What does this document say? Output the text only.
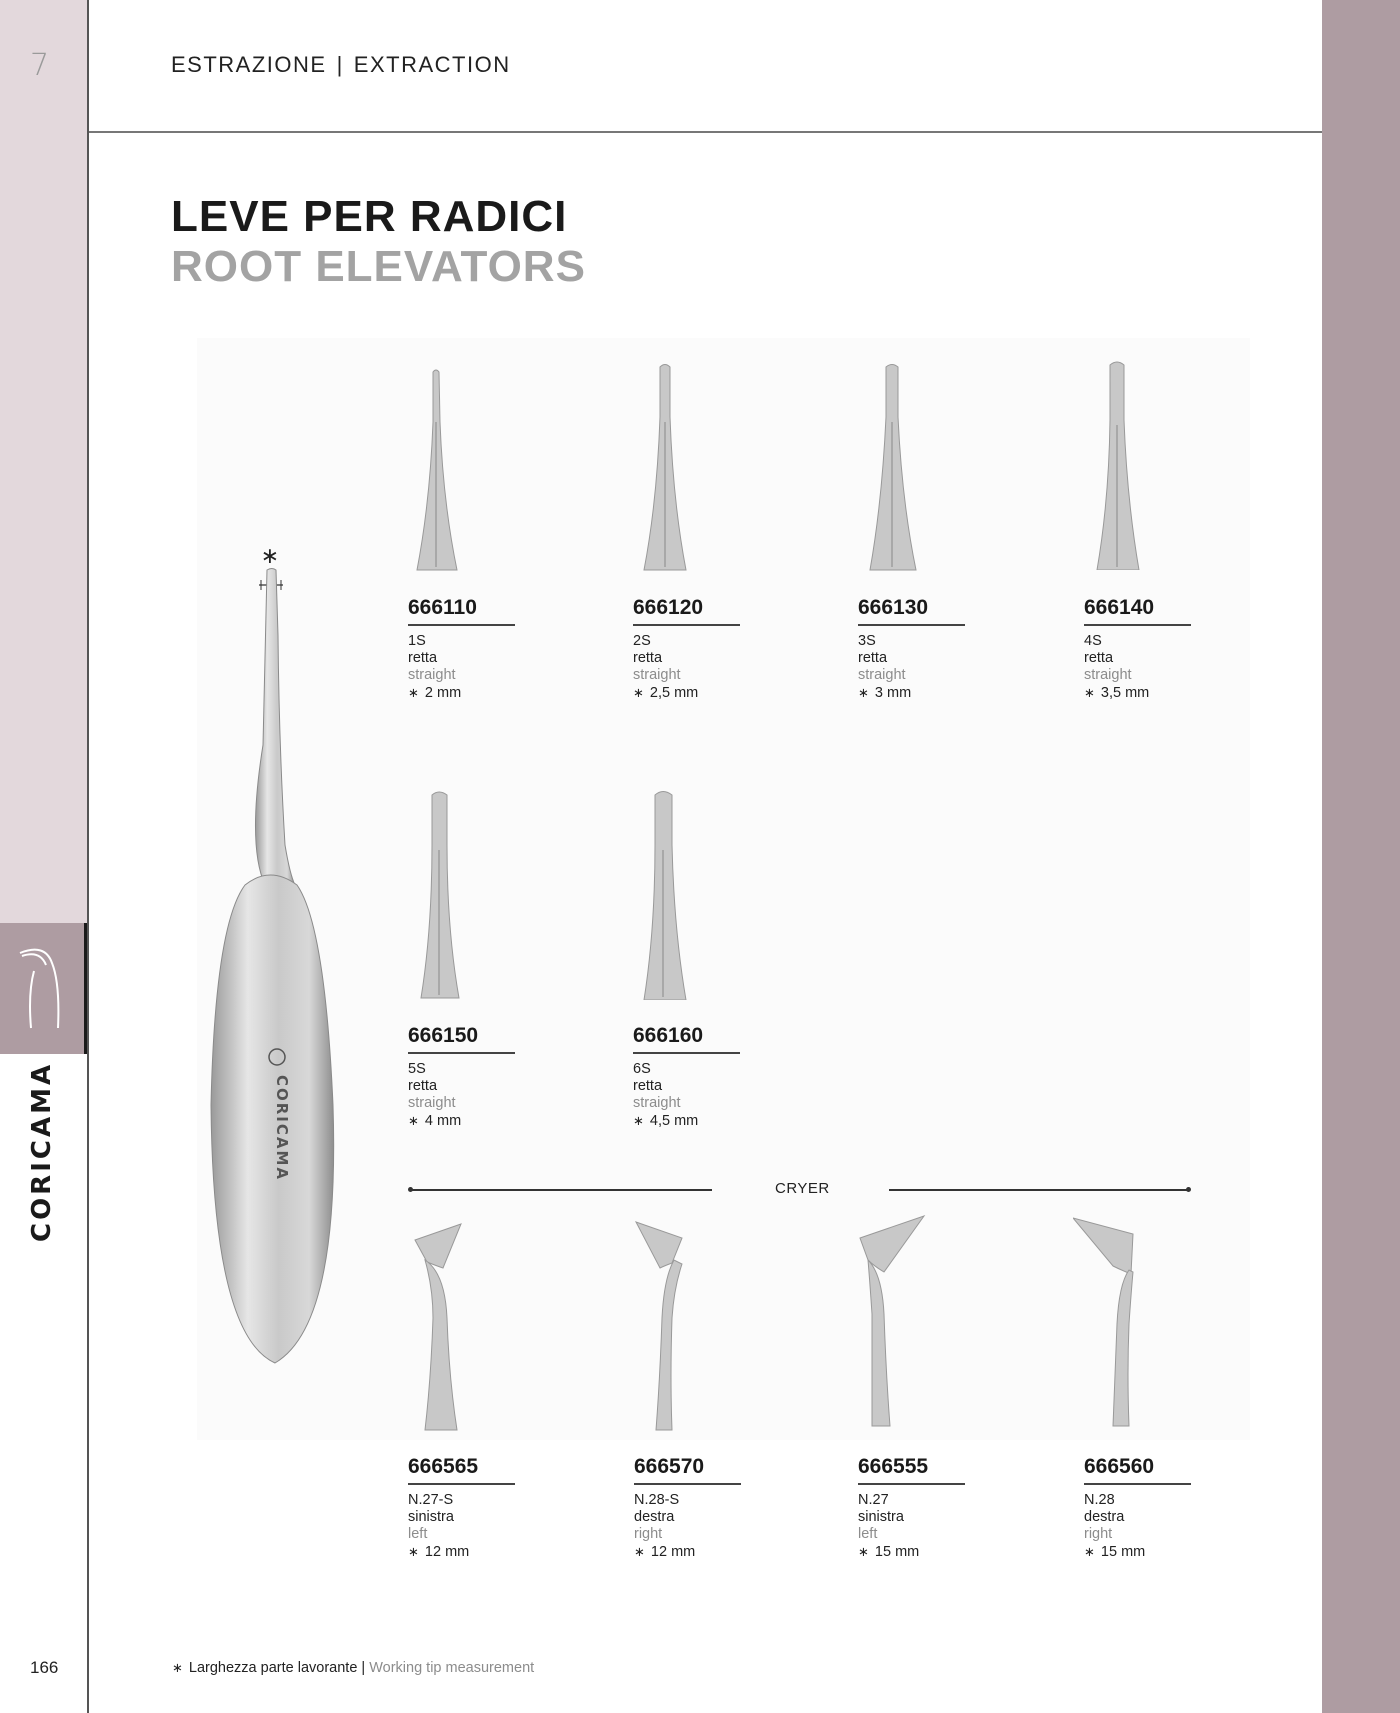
7
166
CORICAMA
ESTRAZIONE | EXTRACTION
LEVE PER RADICI
ROOT ELEVATORS
∗
CORICAMA
666110
1S
retta
straight
∗ 2 mm
666120
2S
retta
straight
∗ 2,5 mm
666130
3S
retta
straight
∗ 3 mm
666140
4S
retta
straight
∗ 3,5 mm
666150
5S
retta
straight
∗ 4 mm
666160
6S
retta
straight
∗ 4,5 mm
CRYER
666565
N.27-S
sinistra
left
∗ 12 mm
666570
N.28-S
destra
right
∗ 12 mm
666555
N.27
sinistra
left
∗ 15 mm
666560
N.28
destra
right
∗ 15 mm
∗ Larghezza parte lavorante | Working tip measurement
